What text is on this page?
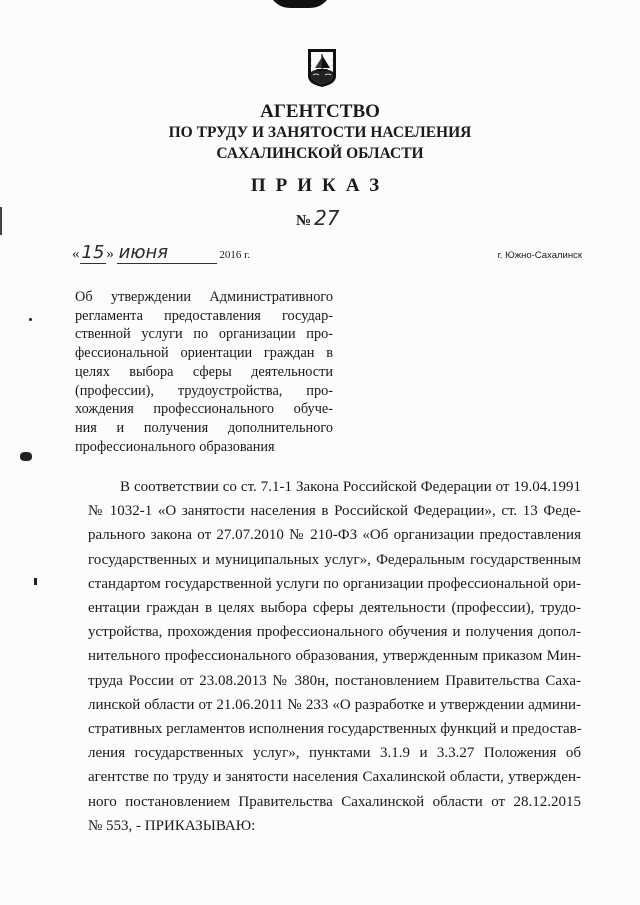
АГЕНТСТВО

ПО ТРУДУ И ЗАНЯТОСТИ НАСЕЛЕНИЯ

САХАЛИНСКОЙ ОБЛАСТИ

ПРИКАЗ

№ 27
« 15 » июня	2016 г.	г. Южно-Сахалинск
Об утверждении Административного
регламента предоставления государ-
ственной услуги по организации про-
фессиональной ориентации граждан в
целях выбора сферы деятельности
(профессии), трудоустройства, про-
хождения профессионального обуче-
ния и получения дополнительного
профессионального образования
В соответствии со ст. 7.1-1 Закона Российской Федерации от 19.04.1991
№ 1032-1 «О занятости населения в Российской Федерации», ст. 13 Феде-
рального закона от 27.07.2010 № 210-ФЗ «Об организации предоставления
государственных и муниципальных услуг», Федеральным государственным
стандартом государственной услуги по организации профессиональной ори-
ентации граждан в целях выбора сферы деятельности (профессии), трудо-
устройства, прохождения профессионального обучения и получения допол-
нительного профессионального образования, утвержденным приказом Мин-
труда России от 23.08.2013 № 380н, постановлением Правительства Саха-
линской области от 21.06.2011 № 233 «О разработке и утверждении админи-
стративных регламентов исполнения государственных функций и предостав-
ления государственных услуг», пунктами 3.1.9 и 3.3.27 Положения об
агентстве по труду и занятости населения Сахалинской области, утвержден-
ного постановлением Правительства Сахалинской области от 28.12.2015
№ 553, - ПРИКАЗЫВАЮ:
